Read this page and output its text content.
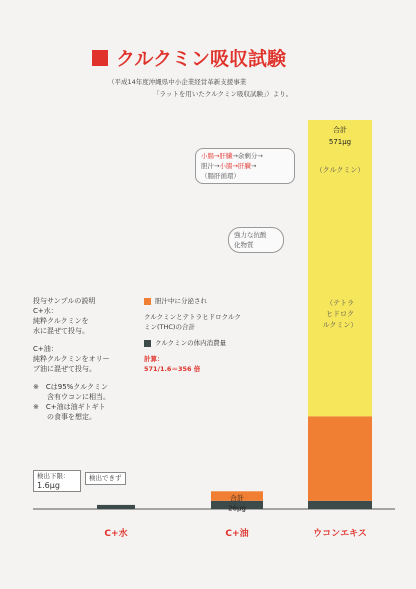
クルクミン吸収試験
（平成14年度沖縄県中小企業経営革新支援事業
「ラットを用いたクルクミン吸収試験」）より。
小腸→肝臓→余剰分→
胆汁→小腸→肝臓→
（腸肝循環）
強力な抗酸
化物質

投与サンプルの説明

C+水：

純粋クルクミンを

水に混ぜて投与。

C+油：

純粋クルクミンをオリー

ブ油に混ぜて投与。

※　Cは95%クルクミン

　　含有ウコンに相当。

※　C+油は油ギトギト

　　の食事を想定。

胆汁中に分泌され
クルクミンとテトラヒドロクルク
ミン(THC)の合計
クルクミンの体内消費量
計算：
571/1.6＝356 倍
検出下限：
1.6μg
検出できず
C+水	C+油	ウコンエキス
合計
26μg
合計
571μg
（クルクミン）
（テトラ
ヒドロク
ルクミン）
